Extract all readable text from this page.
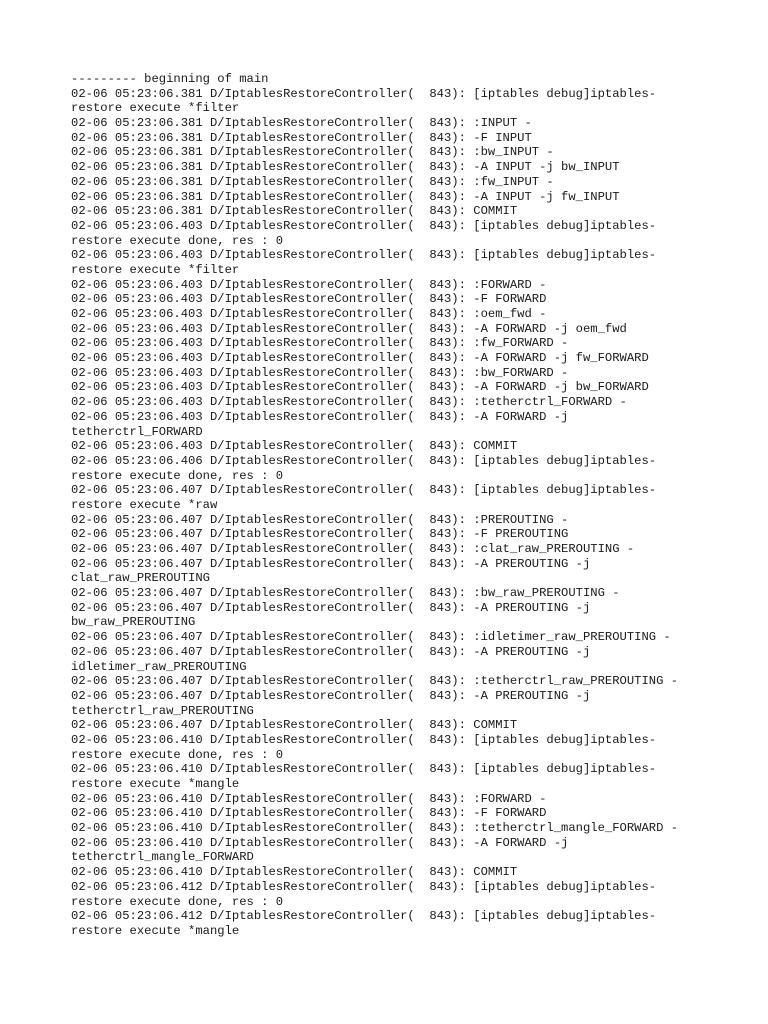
--------- beginning of main
02-06 05:23:06.381 D/IptablesRestoreController(  843): [iptables debug]iptables-
restore execute *filter
02-06 05:23:06.381 D/IptablesRestoreController(  843): :INPUT -
02-06 05:23:06.381 D/IptablesRestoreController(  843): -F INPUT
02-06 05:23:06.381 D/IptablesRestoreController(  843): :bw_INPUT -
02-06 05:23:06.381 D/IptablesRestoreController(  843): -A INPUT -j bw_INPUT
02-06 05:23:06.381 D/IptablesRestoreController(  843): :fw_INPUT -
02-06 05:23:06.381 D/IptablesRestoreController(  843): -A INPUT -j fw_INPUT
02-06 05:23:06.381 D/IptablesRestoreController(  843): COMMIT
02-06 05:23:06.403 D/IptablesRestoreController(  843): [iptables debug]iptables-
restore execute done, res : 0
02-06 05:23:06.403 D/IptablesRestoreController(  843): [iptables debug]iptables-
restore execute *filter
02-06 05:23:06.403 D/IptablesRestoreController(  843): :FORWARD -
02-06 05:23:06.403 D/IptablesRestoreController(  843): -F FORWARD
02-06 05:23:06.403 D/IptablesRestoreController(  843): :oem_fwd -
02-06 05:23:06.403 D/IptablesRestoreController(  843): -A FORWARD -j oem_fwd
02-06 05:23:06.403 D/IptablesRestoreController(  843): :fw_FORWARD -
02-06 05:23:06.403 D/IptablesRestoreController(  843): -A FORWARD -j fw_FORWARD
02-06 05:23:06.403 D/IptablesRestoreController(  843): :bw_FORWARD -
02-06 05:23:06.403 D/IptablesRestoreController(  843): -A FORWARD -j bw_FORWARD
02-06 05:23:06.403 D/IptablesRestoreController(  843): :tetherctrl_FORWARD -
02-06 05:23:06.403 D/IptablesRestoreController(  843): -A FORWARD -j
tetherctrl_FORWARD
02-06 05:23:06.403 D/IptablesRestoreController(  843): COMMIT
02-06 05:23:06.406 D/IptablesRestoreController(  843): [iptables debug]iptables-
restore execute done, res : 0
02-06 05:23:06.407 D/IptablesRestoreController(  843): [iptables debug]iptables-
restore execute *raw
02-06 05:23:06.407 D/IptablesRestoreController(  843): :PREROUTING -
02-06 05:23:06.407 D/IptablesRestoreController(  843): -F PREROUTING
02-06 05:23:06.407 D/IptablesRestoreController(  843): :clat_raw_PREROUTING -
02-06 05:23:06.407 D/IptablesRestoreController(  843): -A PREROUTING -j
clat_raw_PREROUTING
02-06 05:23:06.407 D/IptablesRestoreController(  843): :bw_raw_PREROUTING -
02-06 05:23:06.407 D/IptablesRestoreController(  843): -A PREROUTING -j
bw_raw_PREROUTING
02-06 05:23:06.407 D/IptablesRestoreController(  843): :idletimer_raw_PREROUTING -
02-06 05:23:06.407 D/IptablesRestoreController(  843): -A PREROUTING -j
idletimer_raw_PREROUTING
02-06 05:23:06.407 D/IptablesRestoreController(  843): :tetherctrl_raw_PREROUTING -
02-06 05:23:06.407 D/IptablesRestoreController(  843): -A PREROUTING -j
tetherctrl_raw_PREROUTING
02-06 05:23:06.407 D/IptablesRestoreController(  843): COMMIT
02-06 05:23:06.410 D/IptablesRestoreController(  843): [iptables debug]iptables-
restore execute done, res : 0
02-06 05:23:06.410 D/IptablesRestoreController(  843): [iptables debug]iptables-
restore execute *mangle
02-06 05:23:06.410 D/IptablesRestoreController(  843): :FORWARD -
02-06 05:23:06.410 D/IptablesRestoreController(  843): -F FORWARD
02-06 05:23:06.410 D/IptablesRestoreController(  843): :tetherctrl_mangle_FORWARD -
02-06 05:23:06.410 D/IptablesRestoreController(  843): -A FORWARD -j
tetherctrl_mangle_FORWARD
02-06 05:23:06.410 D/IptablesRestoreController(  843): COMMIT
02-06 05:23:06.412 D/IptablesRestoreController(  843): [iptables debug]iptables-
restore execute done, res : 0
02-06 05:23:06.412 D/IptablesRestoreController(  843): [iptables debug]iptables-
restore execute *mangle
